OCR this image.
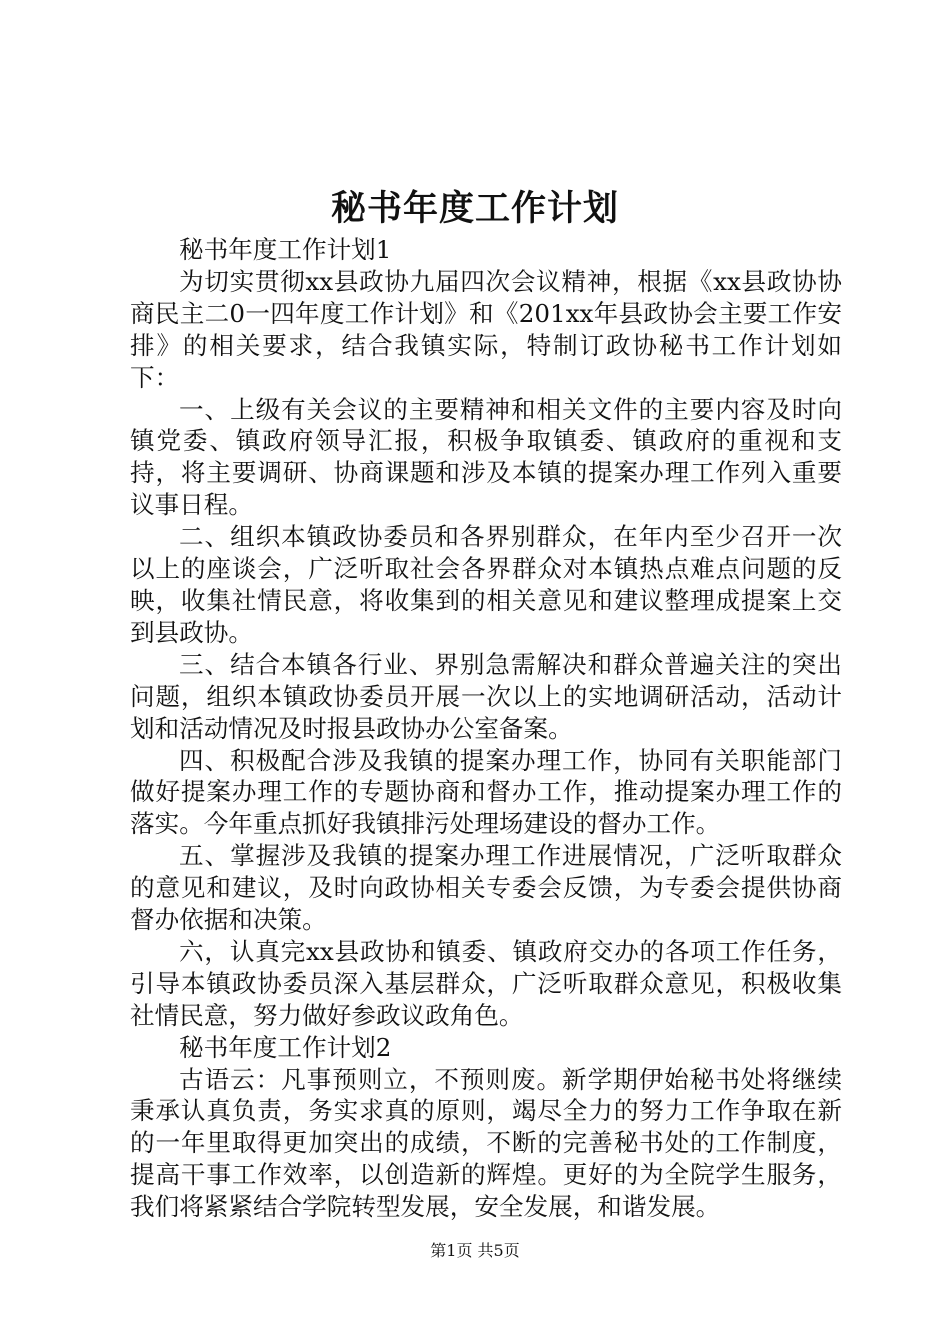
秘书年度工作计划

秘书年度工作计划1

为切实贯彻xx县政协九届四次会议精神，根据《xx县政协协商民主二0一四年度工作计划》和《201xx年县政协会主要工作安排》的相关要求，结合我镇实际，特制订政协秘书工作计划如下：

一、上级有关会议的主要精神和相关文件的主要内容及时向镇党委、镇政府领导汇报，积极争取镇委、镇政府的重视和支持，将主要调研、协商课题和涉及本镇的提案办理工作列入重要议事日程。

二、组织本镇政协委员和各界别群众，在年内至少召开一次以上的座谈会，广泛听取社会各界群众对本镇热点难点问题的反映，收集社情民意，将收集到的相关意见和建议整理成提案上交到县政协。

三、结合本镇各行业、界别急需解决和群众普遍关注的突出问题，组织本镇政协委员开展一次以上的实地调研活动，活动计划和活动情况及时报县政协办公室备案。

四、积极配合涉及我镇的提案办理工作，协同有关职能部门做好提案办理工作的专题协商和督办工作，推动提案办理工作的落实。今年重点抓好我镇排污处理场建设的督办工作。

五、掌握涉及我镇的提案办理工作进展情况，广泛听取群众的意见和建议，及时向政协相关专委会反馈，为专委会提供协商督办依据和决策。

六，认真完xx县政协和镇委、镇政府交办的各项工作任务，引导本镇政协委员深入基层群众，广泛听取群众意见，积极收集社情民意，努力做好参政议政角色。

秘书年度工作计划2

古语云：凡事预则立，不预则废。新学期伊始秘书处将继续秉承认真负责，务实求真的原则，竭尽全力的努力工作争取在新的一年里取得更加突出的成绩，不断的完善秘书处的工作制度，提高干事工作效率，以创造新的辉煌。更好的为全院学生服务，我们将紧紧结合学院转型发展，安全发展，和谐发展。

第1页 共5页
